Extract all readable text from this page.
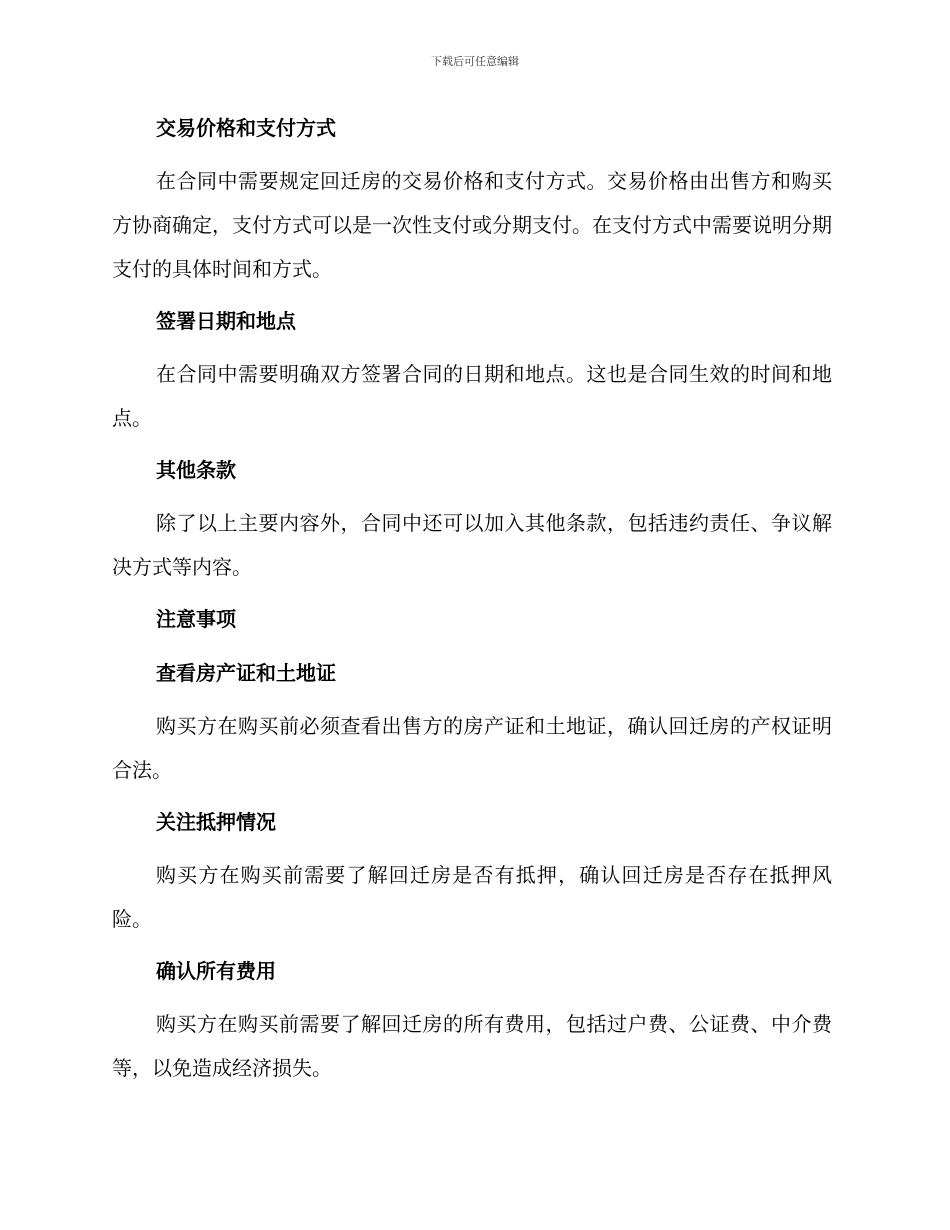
下载后可任意编辑
交易价格和支付方式
在合同中需要规定回迁房的交易价格和支付方式。交易价格由出售方和购买方协商确定，支付方式可以是一次性支付或分期支付。在支付方式中需要说明分期支付的具体时间和方式。
签署日期和地点
在合同中需要明确双方签署合同的日期和地点。这也是合同生效的时间和地点。
其他条款
除了以上主要内容外，合同中还可以加入其他条款，包括违约责任、争议解决方式等内容。
注意事项
查看房产证和土地证
购买方在购买前必须查看出售方的房产证和土地证，确认回迁房的产权证明合法。
关注抵押情况
购买方在购买前需要了解回迁房是否有抵押，确认回迁房是否存在抵押风险。
确认所有费用
购买方在购买前需要了解回迁房的所有费用，包括过户费、公证费、中介费等，以免造成经济损失。
